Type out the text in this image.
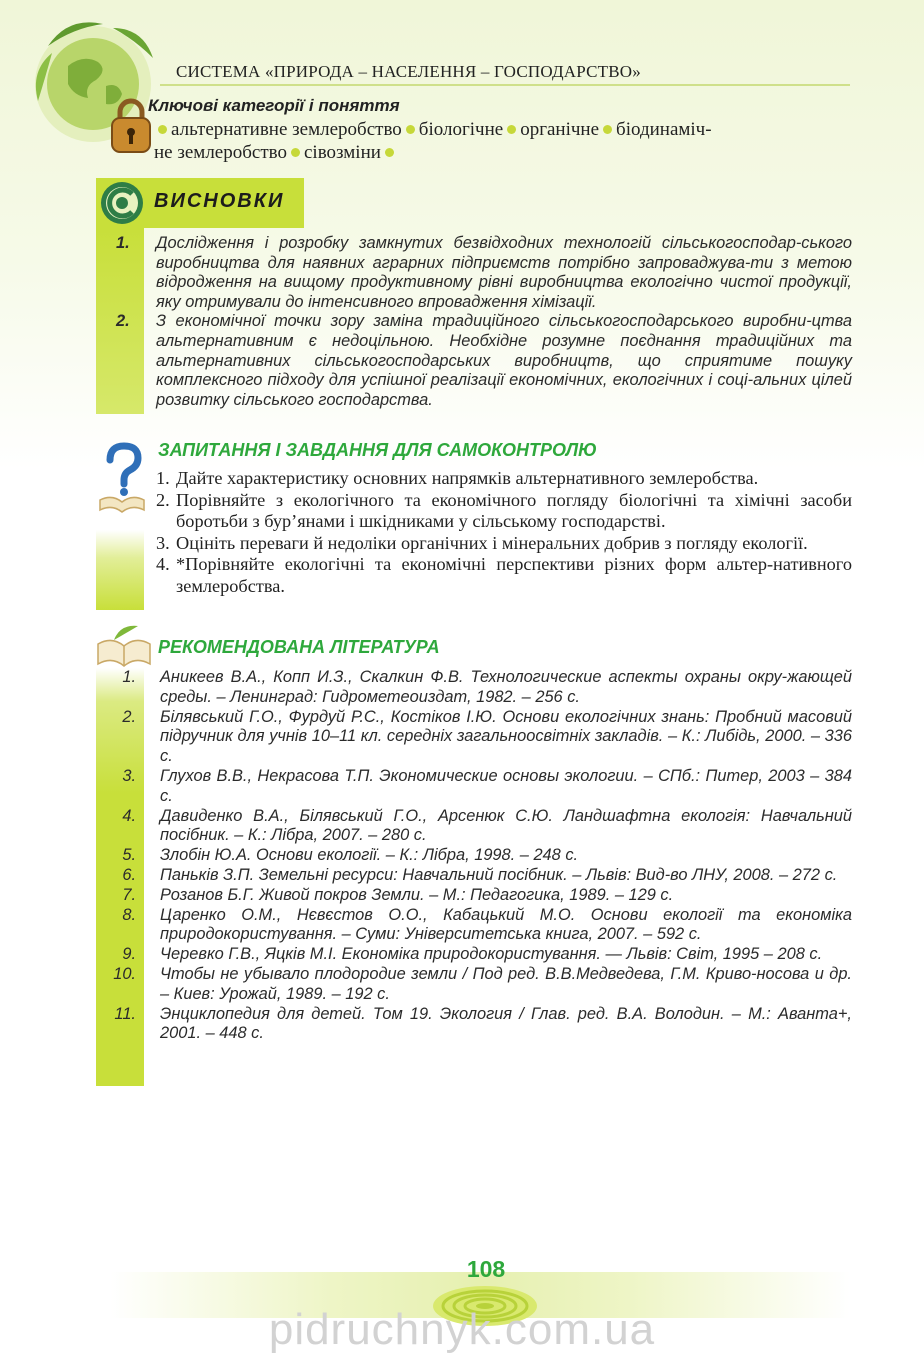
СИСТЕМА «ПРИРОДА – НАСЕЛЕННЯ – ГОСПОДАРСТВО»
Ключові категорії і поняття
альтернативне землеробство біологічне органічне біодинаміч-
не землеробство сівозміни
ВИСНОВКИ
1. Дослідження і розробку замкнутих безвідходних технологій сільськогосподар-ського виробництва для наявних аграрних підприємств потрібно запроваджува-ти з метою відродження на вищому продуктивному рівні виробництва екологічно чистої продукції, яку отримували до інтенсивного впровадження хімізації.
2. З економічної точки зору заміна традиційного сільськогосподарського виробни-цтва альтернативним є недоцільною. Необхідне розумне поєднання традиційних та альтернативних сільськогосподарських виробництв, що сприятиме пошуку комплексного підходу для успішної реалізації економічних, екологічних і соці-альних цілей розвитку сільського господарства.
ЗАПИТАННЯ І ЗАВДАННЯ ДЛЯ САМОКОНТРОЛЮ
1. Дайте характеристику основних напрямків альтернативного землеробства.
2. Порівняйте з екологічного та економічного погляду біологічні та хімічні засоби боротьби з бур’янами і шкідниками у сільському господарстві.
3. Оцініть переваги й недоліки органічних і мінеральних добрив з погляду екології.
4. *Порівняйте екологічні та економічні перспективи різних форм альтер-нативного землеробства.
РЕКОМЕНДОВАНА ЛІТЕРАТУРА
1. Аникеев В.А., Копп И.З., Скалкин Ф.В. Технологические аспекты охраны окру-жающей среды. – Ленинград: Гидрометеоиздат, 1982. – 256 с.
2. Білявський Г.О., Фурдуй Р.С., Костіков І.Ю. Основи екологічних знань: Пробний масовий підручник для учнів 10–11 кл. середніх загальноосвітніх закладів. – К.: Либідь, 2000. – 336 с.
3. Глухов В.В., Некрасова Т.П. Экономические основы экологии. – СПб.: Питер, 2003 – 384 с.
4. Давиденко В.А., Білявський Г.О., Арсенюк С.Ю. Ландшафтна екологія: Навчальний посібник. – К.: Лібра, 2007. – 280 с.
5. Злобін Ю.А. Основи екології. – К.: Лібра, 1998. – 248 с.
6. Паньків З.П. Земельні ресурси: Навчальний посібник. – Львів: Вид-во ЛНУ, 2008. – 272 с.
7. Розанов Б.Г. Живой покров Земли. – М.: Педагогика, 1989. – 129 с.
8. Царенко О.М., Нєвєстов О.О., Кабацький М.О. Основи екології та економіка природокористування. – Суми: Університетська книга, 2007. – 592 с.
9. Черевко Г.В., Яцків М.І. Економіка природокористування. — Львів: Світ, 1995 – 208 с.
10. Чтобы не убывало плодородие земли / Под ред. В.В.Медведева, Г.М. Криво-носова и др. – Киев: Урожай, 1989. – 192 с.
11. Энциклопедия для детей. Том 19. Экология / Глав. ред. В.А. Володин. – М.: Аванта+, 2001. – 448 с.
108
pidruchnyk.com.ua
